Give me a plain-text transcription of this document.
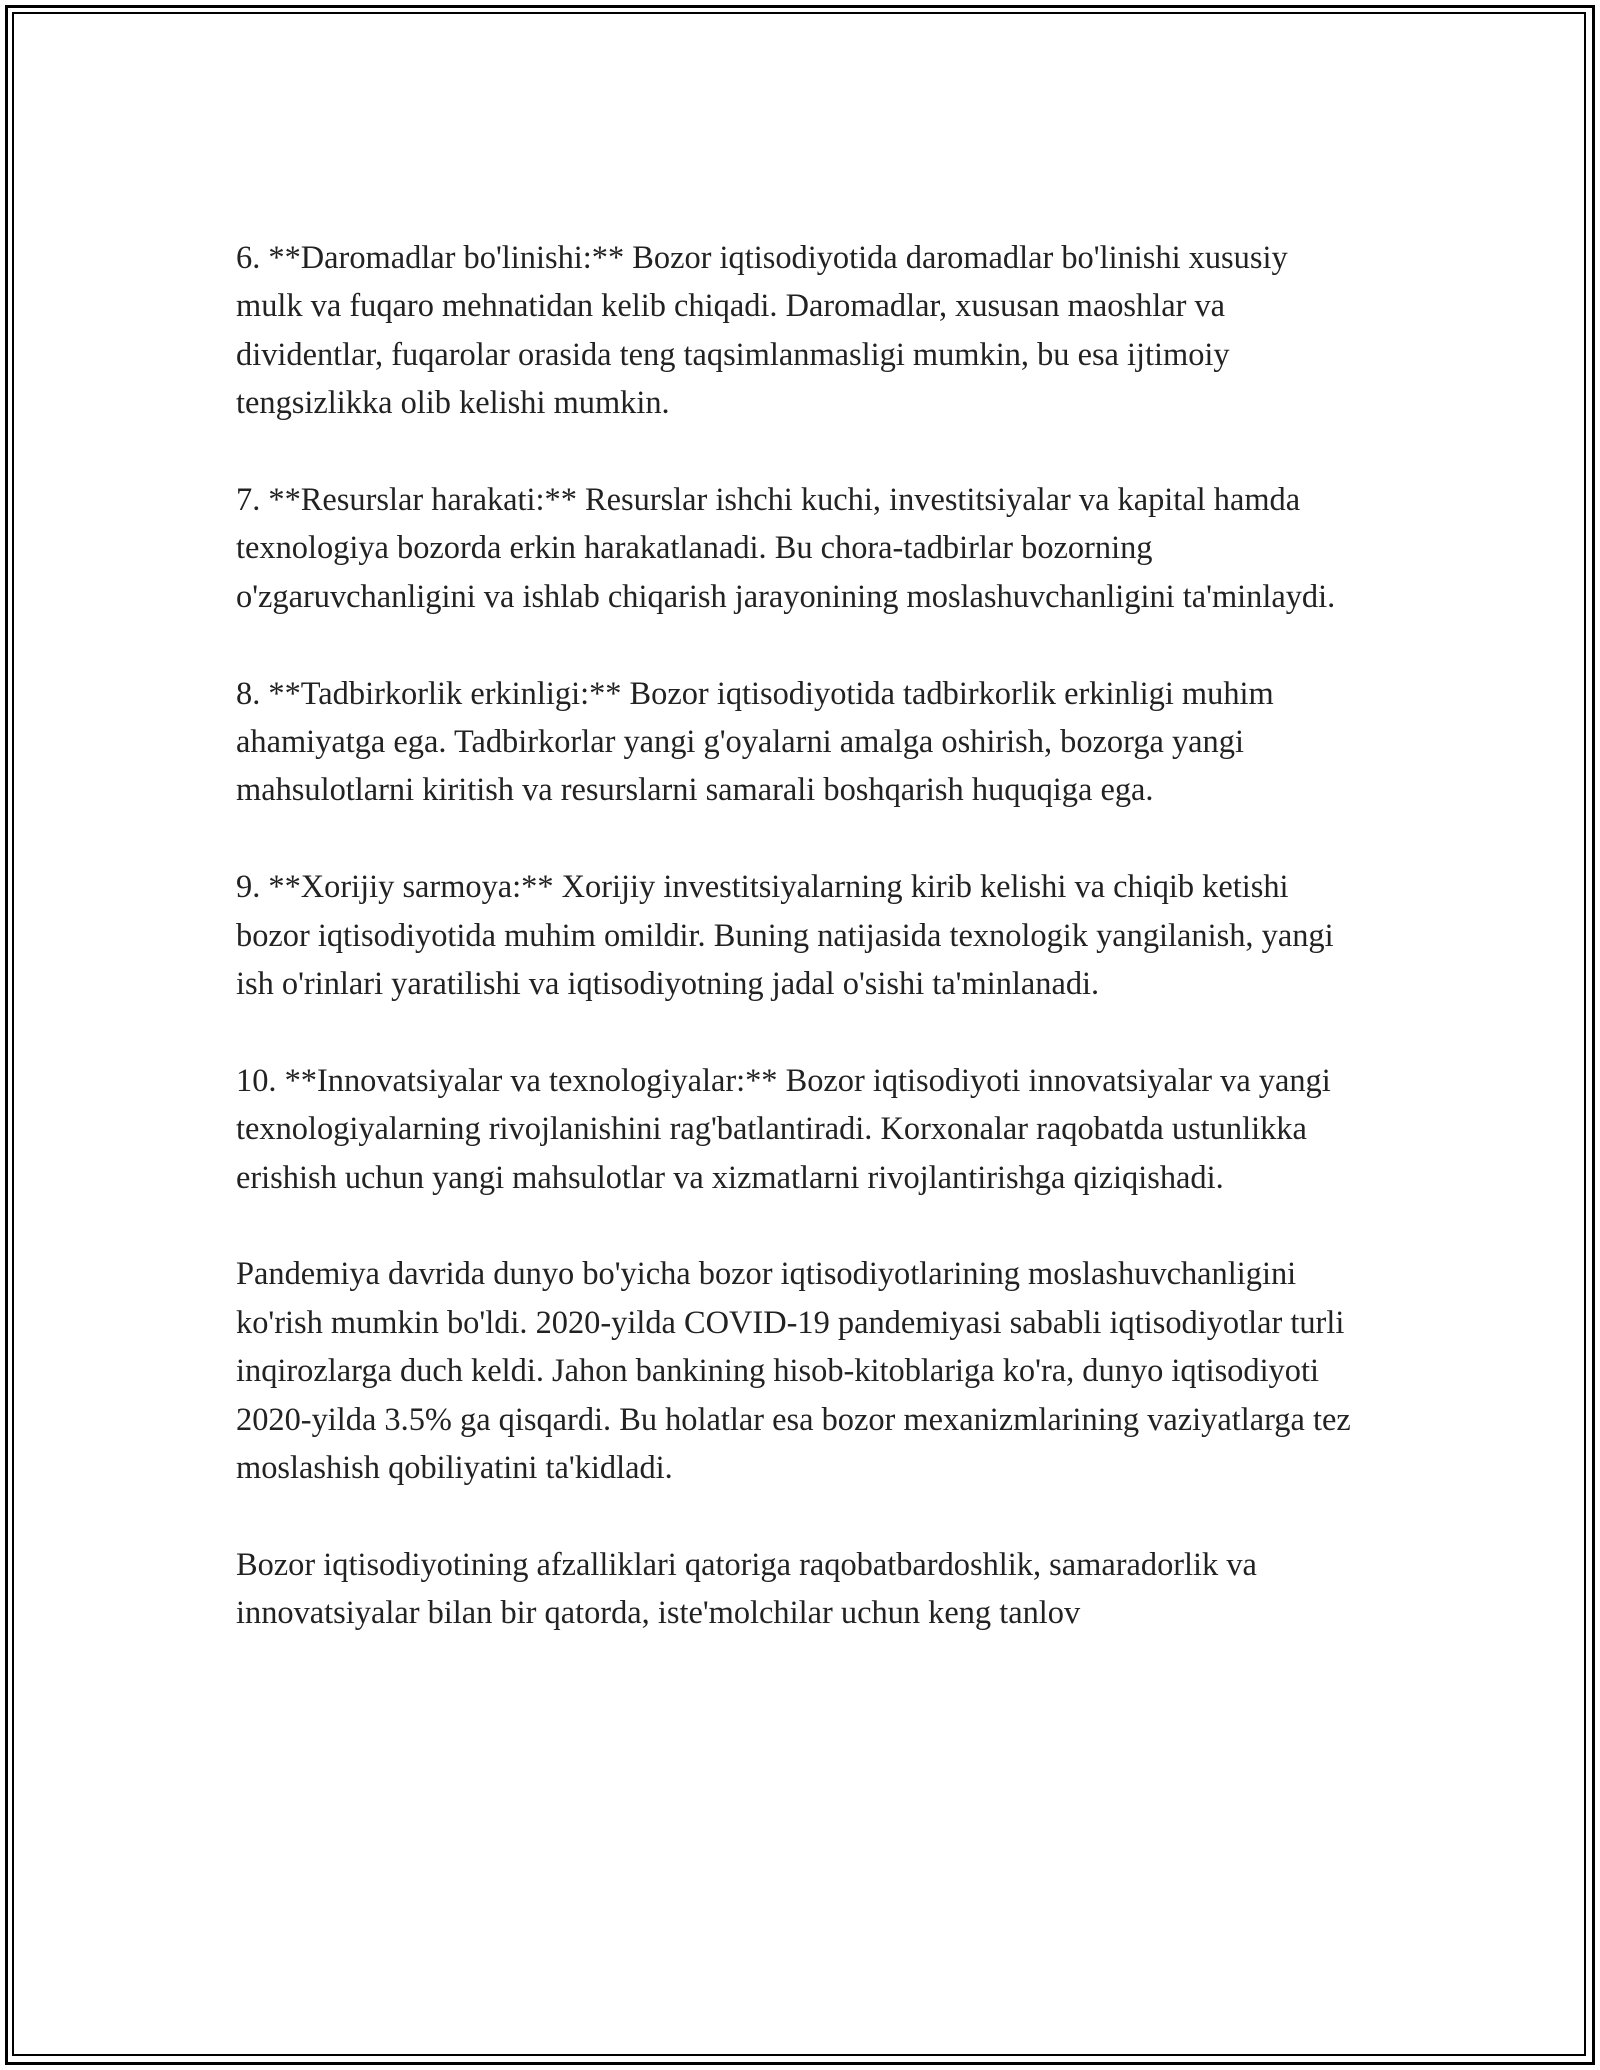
6. **Daromadlar bo'linishi:** Bozor iqtisodiyotida daromadlar bo'linishi xususiy mulk va fuqaro mehnatidan kelib chiqadi. Daromadlar, xususan maoshlar va dividentlar, fuqarolar orasida teng taqsimlanmasligi mumkin, bu esa ijtimoiy tengsizlikka olib kelishi mumkin.

7. **Resurslar harakati:** Resurslar ishchi kuchi, investitsiyalar va kapital hamda texnologiya bozorda erkin harakatlanadi. Bu chora-tadbirlar bozorning o'zgaruvchanligini va ishlab chiqarish jarayonining moslashuvchanligini ta'minlaydi.

8. **Tadbirkorlik erkinligi:** Bozor iqtisodiyotida tadbirkorlik erkinligi muhim ahamiyatga ega. Tadbirkorlar yangi g'oyalarni amalga oshirish, bozorga yangi mahsulotlarni kiritish va resurslarni samarali boshqarish huquqiga ega.

9. **Xorijiy sarmoya:** Xorijiy investitsiyalarning kirib kelishi va chiqib ketishi bozor iqtisodiyotida muhim omildir. Buning natijasida texnologik yangilanish, yangi ish o'rinlari yaratilishi va iqtisodiyotning jadal o'sishi ta'minlanadi.

10. **Innovatsiyalar va texnologiyalar:** Bozor iqtisodiyoti innovatsiyalar va yangi texnologiyalarning rivojlanishini rag'batlantiradi. Korxonalar raqobatda ustunlikka erishish uchun yangi mahsulotlar va xizmatlarni rivojlantirishga qiziqishadi.

Pandemiya davrida dunyo bo'yicha bozor iqtisodiyotlarining moslashuvchanligini ko'rish mumkin bo'ldi. 2020-yilda COVID-19 pandemiyasi sababli iqtisodiyotlar turli inqirozlarga duch keldi. Jahon bankining hisob-kitoblariga ko'ra, dunyo iqtisodiyoti 2020-yilda 3.5% ga qisqardi. Bu holatlar esa bozor mexanizmlarining vaziyatlarga tez moslashish qobiliyatini ta'kidladi.

Bozor iqtisodiyotining afzalliklari qatoriga raqobatbardoshlik, samaradorlik va innovatsiyalar bilan bir qatorda, iste'molchilar uchun keng tanlov
